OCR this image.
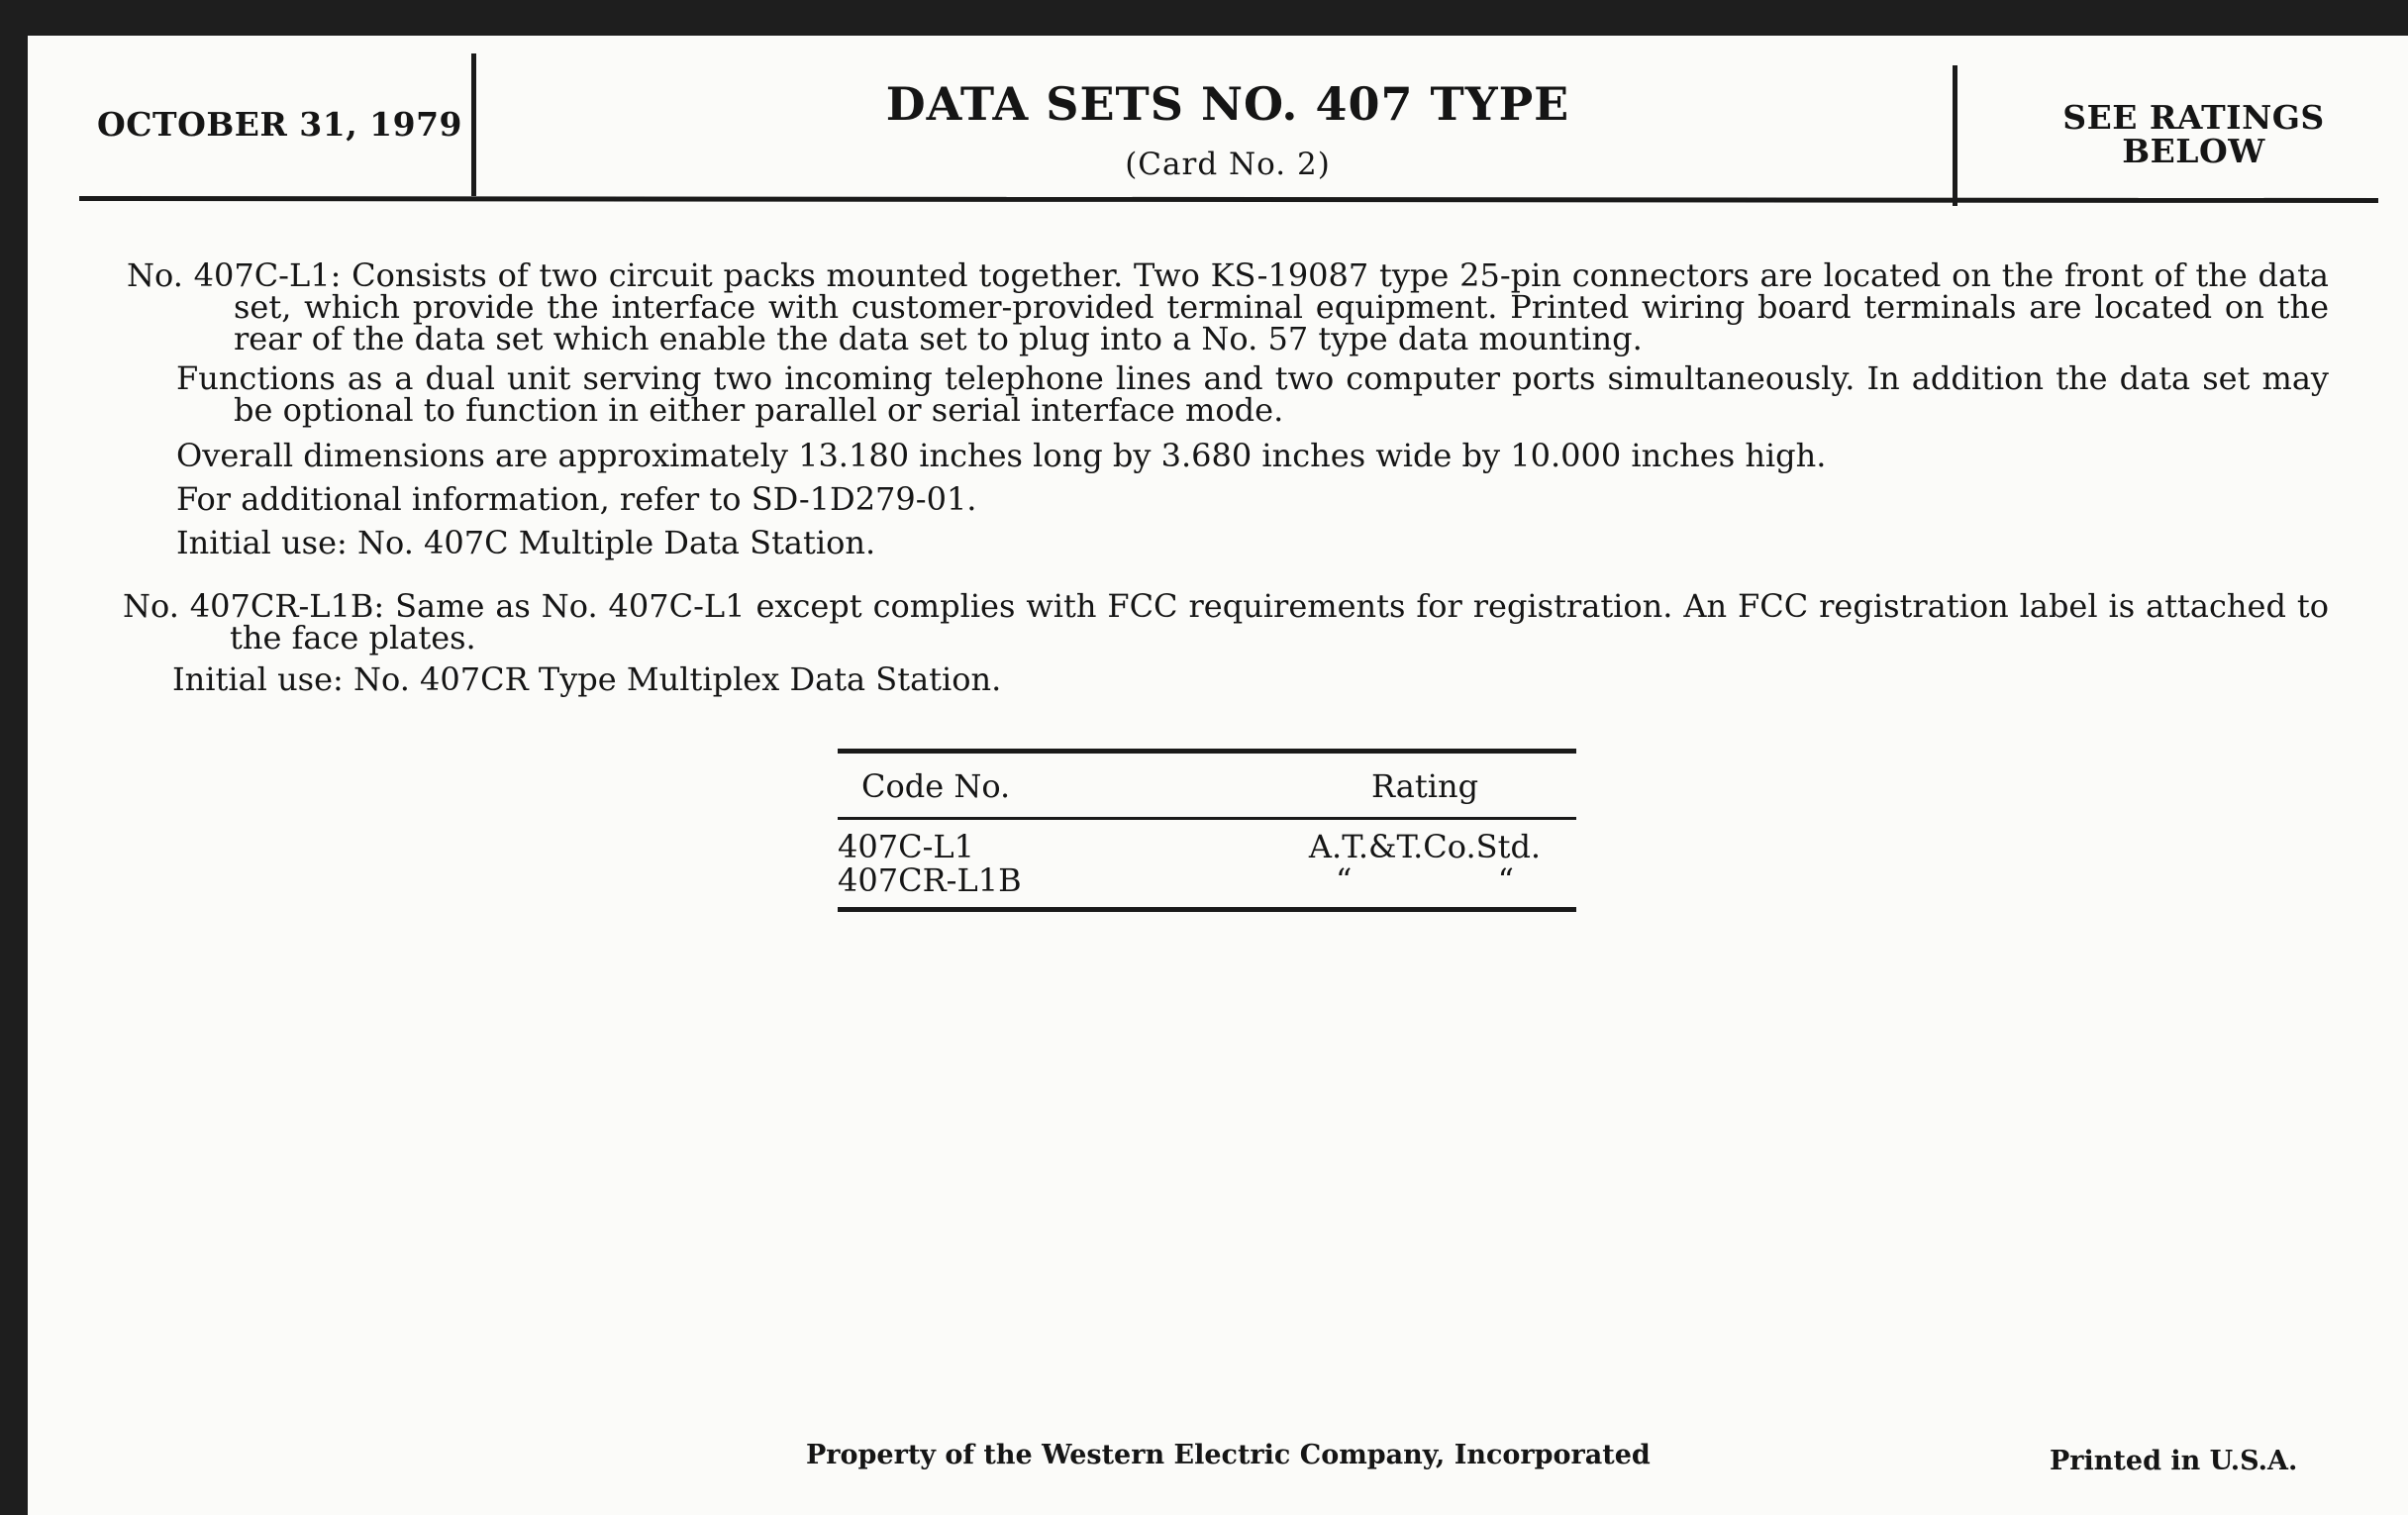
OCTOBER 31, 1979	DATA SETS NO. 407 TYPE
(Card No. 2)
SEE RATINGS
BELOW
No. 407C-L1: Consists of two circuit packs mounted together. Two KS-19087 type 25-pin connectors are located on the front of the data set, which provide the interface with customer-provided terminal equipment. Printed wiring board terminals are located on the rear of the data set which enable the data set to plug into a No. 57 type data mounting.
Functions as a dual unit serving two incoming telephone lines and two computer ports simultaneously. In addition the data set may be optional to function in either parallel or serial interface mode.
Overall dimensions are approximately 13.180 inches long by 3.680 inches wide by 10.000 inches high.
For additional information, refer to SD-1D279-01.
Initial use: No. 407C Multiple Data Station.
No. 407CR-L1B: Same as No. 407C-L1 except complies with FCC requirements for registration. An FCC registration label is attached to the face plates.
Initial use: No. 407CR Type Multiplex Data Station.
Code No.	Rating
407C-L1	A.T.&T.Co.Std.
407CR-L1B	“ “
Property of the Western Electric Company, Incorporated	Printed in U.S.A.
